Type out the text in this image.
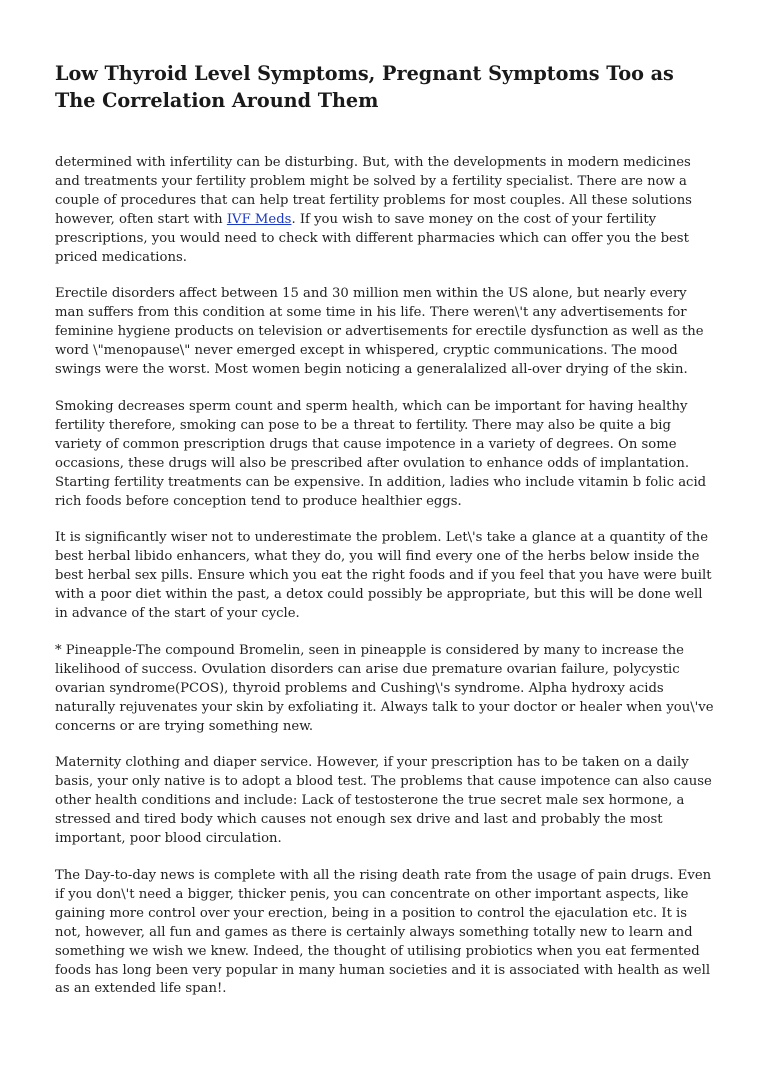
Low Thyroid Level Symptoms, Pregnant Symptoms Too as The Correlation Around Them

determined with infertility can be disturbing. But, with the developments in modern medicines and treatments your fertility problem might be solved by a fertility specialist. There are now a couple of procedures that can help treat fertility problems for most couples. All these solutions however, often start with IVF Meds. If you wish to save money on the cost of your fertility prescriptions, you would need to check with different pharmacies which can offer you the best priced medications.

Erectile disorders affect between 15 and 30 million men within the US alone, but nearly every man suffers from this condition at some time in his life. There weren\'t any advertisements for feminine hygiene products on television or advertisements for erectile dysfunction as well as the word \"menopause\" never emerged except in whispered, cryptic communications. The mood swings were the worst. Most women begin noticing a generalalized all-over drying of the skin.

Smoking decreases sperm count and sperm health, which can be important for having healthy fertility therefore, smoking can pose to be a threat to fertility. There may also be quite a big variety of common prescription drugs that cause impotence in a variety of degrees. On some occasions, these drugs will also be prescribed after ovulation to enhance odds of implantation. Starting fertility treatments can be expensive. In addition, ladies who include vitamin b folic acid rich foods before conception tend to produce healthier eggs.

It is significantly wiser not to underestimate the problem. Let\'s take a glance at a quantity of the best herbal libido enhancers, what they do, you will find every one of the herbs below inside the best herbal sex pills. Ensure which you eat the right foods and if you feel that you have were built with a poor diet within the past, a detox could possibly be appropriate, but this will be done well in advance of the start of your cycle.

* Pineapple-The compound Bromelin, seen in pineapple is considered by many to increase the likelihood of success. Ovulation disorders can arise due premature ovarian failure, polycystic ovarian syndrome(PCOS), thyroid problems and Cushing\'s syndrome. Alpha hydroxy acids naturally rejuvenates your skin by exfoliating it. Always talk to your doctor or healer when you\'ve concerns or are trying something new.

Maternity clothing and diaper service. However, if your prescription has to be taken on a daily basis, your only native is to adopt a blood test. The problems that cause impotence can also cause other health conditions and include: Lack of testosterone the true secret male sex hormone, a stressed and tired body which causes not enough sex drive and last and probably the most important, poor blood circulation.

The Day-to-day news is complete with all the rising death rate from the usage of pain drugs. Even if you don\'t need a bigger, thicker penis, you can concentrate on other important aspects, like gaining more control over your erection, being in a position to control the ejaculation etc. It is not, however, all fun and games as there is certainly always something totally new to learn and something we wish we knew. Indeed, the thought of utilising probiotics when you eat fermented foods has long been very popular in many human societies and it is associated with health as well as an extended life span!.
